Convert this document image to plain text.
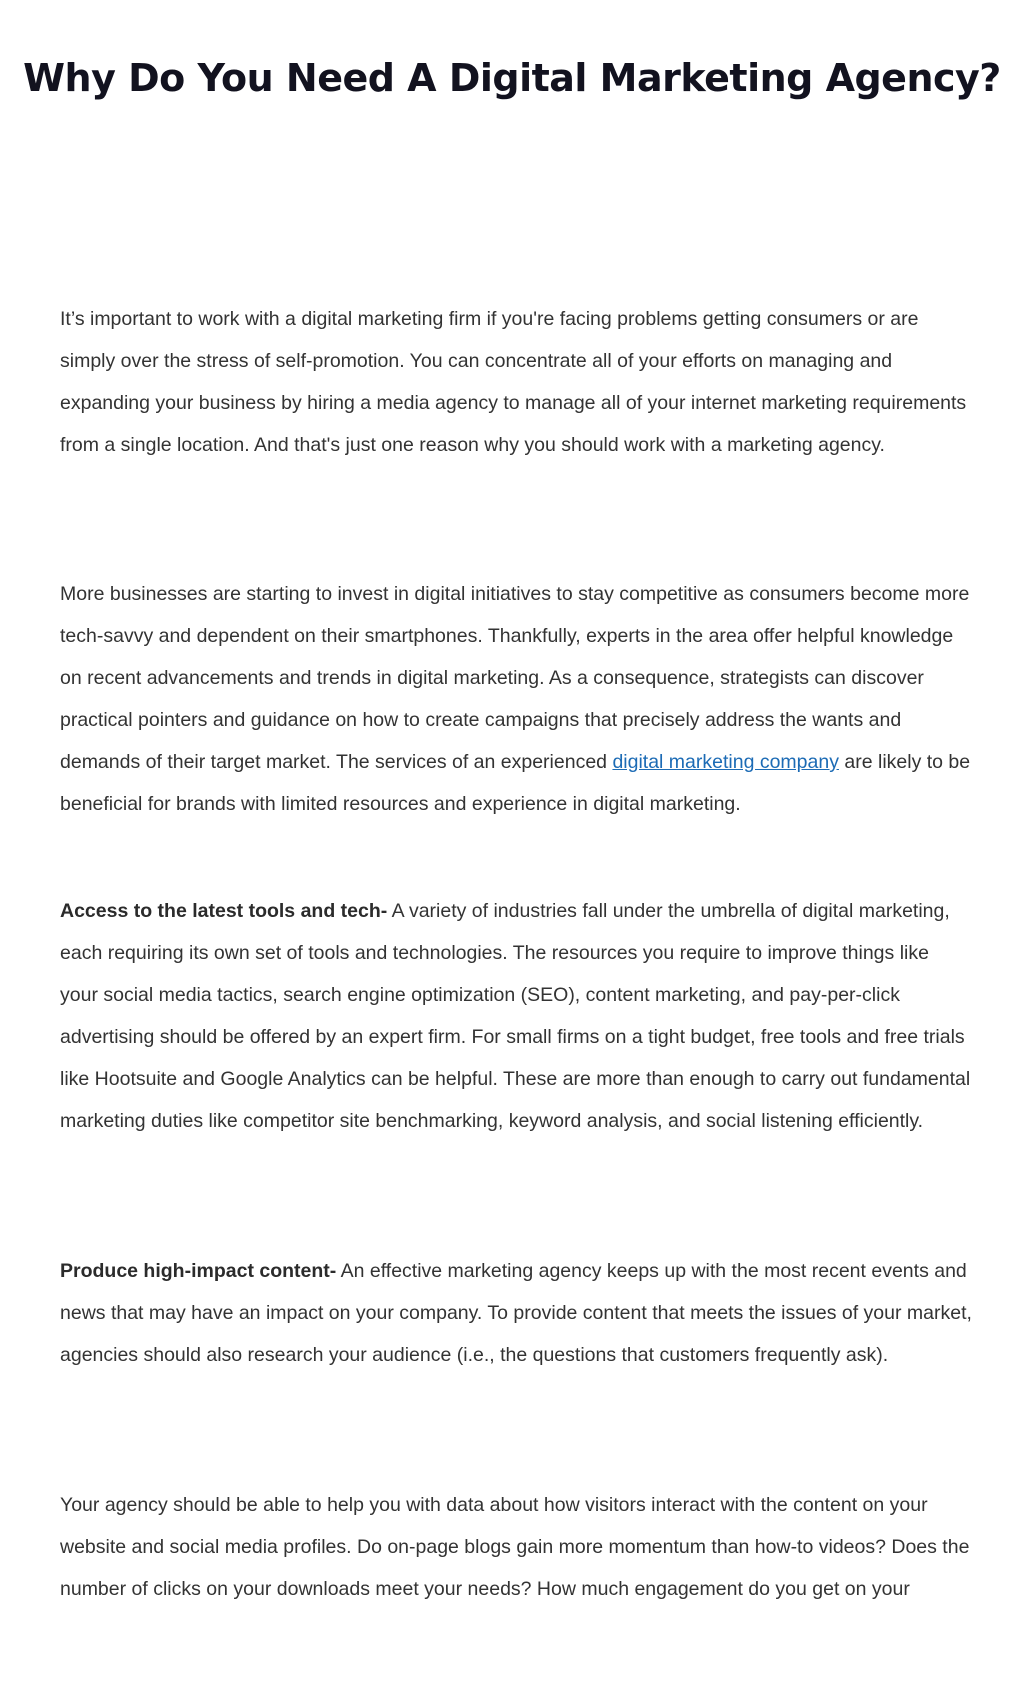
Why Do You Need A Digital Marketing Agency?

It’s important to work with a digital marketing firm if you're facing problems getting consumers or are simply over the stress of self-promotion. You can concentrate all of your efforts on managing and expanding your business by hiring a media agency to manage all of your internet marketing requirements from a single location. And that's just one reason why you should work with a marketing agency.

More businesses are starting to invest in digital initiatives to stay competitive as consumers become more tech-savvy and dependent on their smartphones. Thankfully, experts in the area offer helpful knowledge on recent advancements and trends in digital marketing. As a consequence, strategists can discover practical pointers and guidance on how to create campaigns that precisely address the wants and demands of their target market. The services of an experienced digital marketing company are likely to be beneficial for brands with limited resources and experience in digital marketing.

Access to the latest tools and tech- A variety of industries fall under the umbrella of digital marketing, each requiring its own set of tools and technologies. The resources you require to improve things like your social media tactics, search engine optimization (SEO), content marketing, and pay-per-click advertising should be offered by an expert firm. For small firms on a tight budget, free tools and free trials like Hootsuite and Google Analytics can be helpful. These are more than enough to carry out fundamental marketing duties like competitor site benchmarking, keyword analysis, and social listening efficiently.

Produce high-impact content- An effective marketing agency keeps up with the most recent events and news that may have an impact on your company. To provide content that meets the issues of your market, agencies should also research your audience (i.e., the questions that customers frequently ask).

Your agency should be able to help you with data about how visitors interact with the content on your website and social media profiles. Do on-page blogs gain more momentum than how-to videos? Does the number of clicks on your downloads meet your needs? How much engagement do you get on your
